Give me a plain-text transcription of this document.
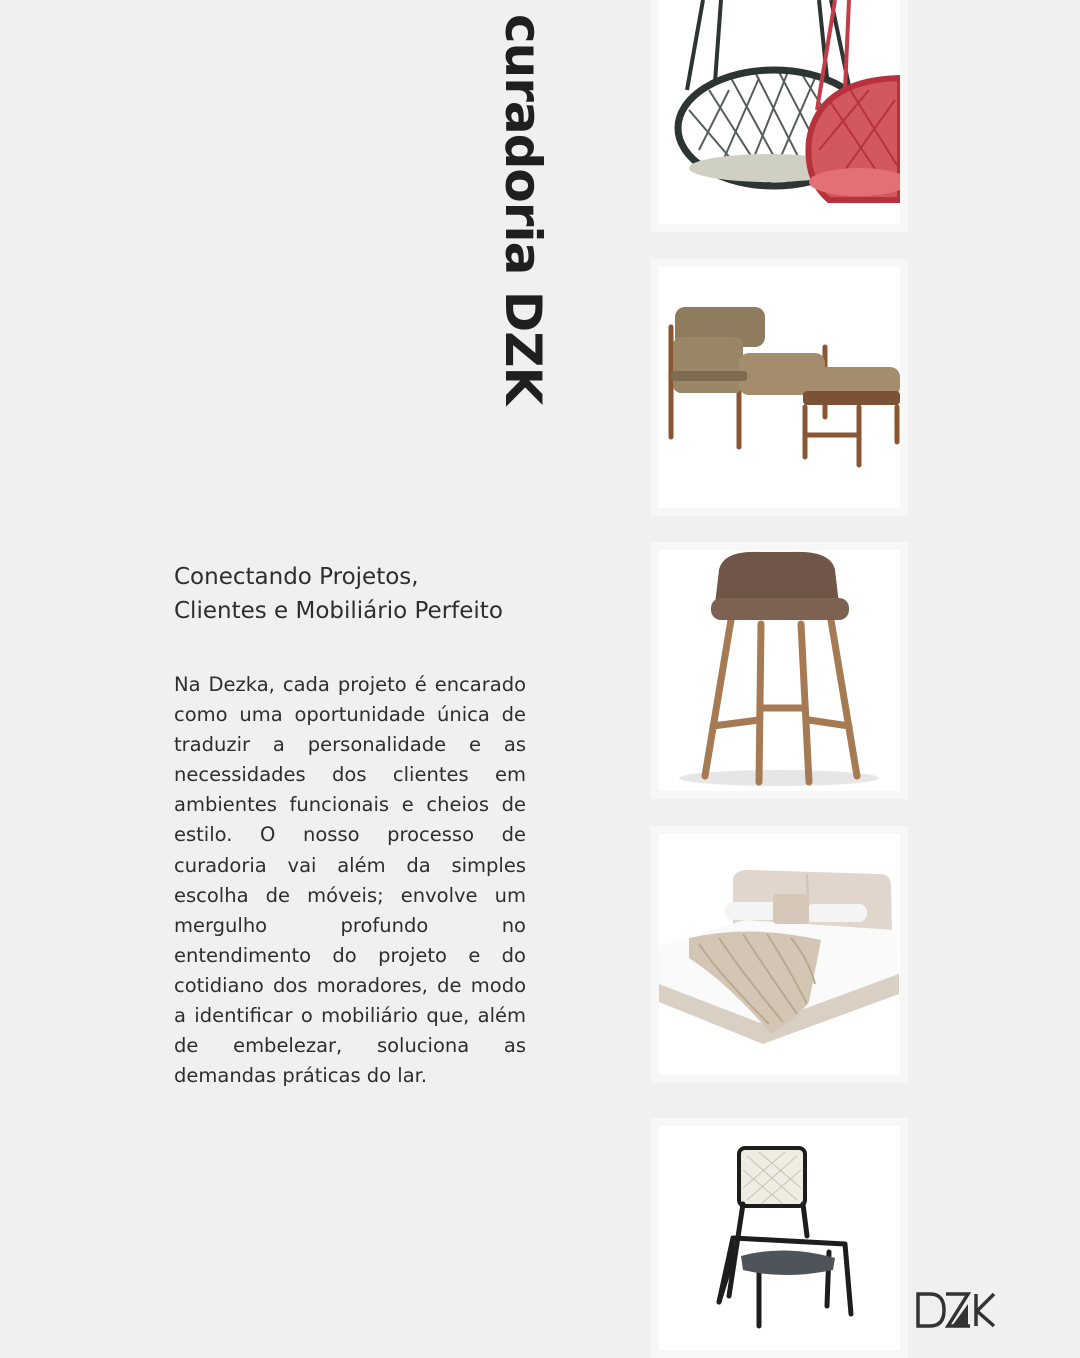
curadoria DZK
Conectando Projetos,
Clientes e Mobiliário Perfeito
Na Dezka, cada projeto é encarado como uma oportunidade única de traduzir a personalidade e as necessidades dos clientes em ambientes funcionais e cheios de estilo. O nosso processo de curadoria vai além da simples escolha de móveis; envolve um mergulho profundo no entendimento do projeto e do cotidiano dos moradores, de modo a identificar o mobiliário que, além de embelezar, soluciona as demandas práticas do lar.
